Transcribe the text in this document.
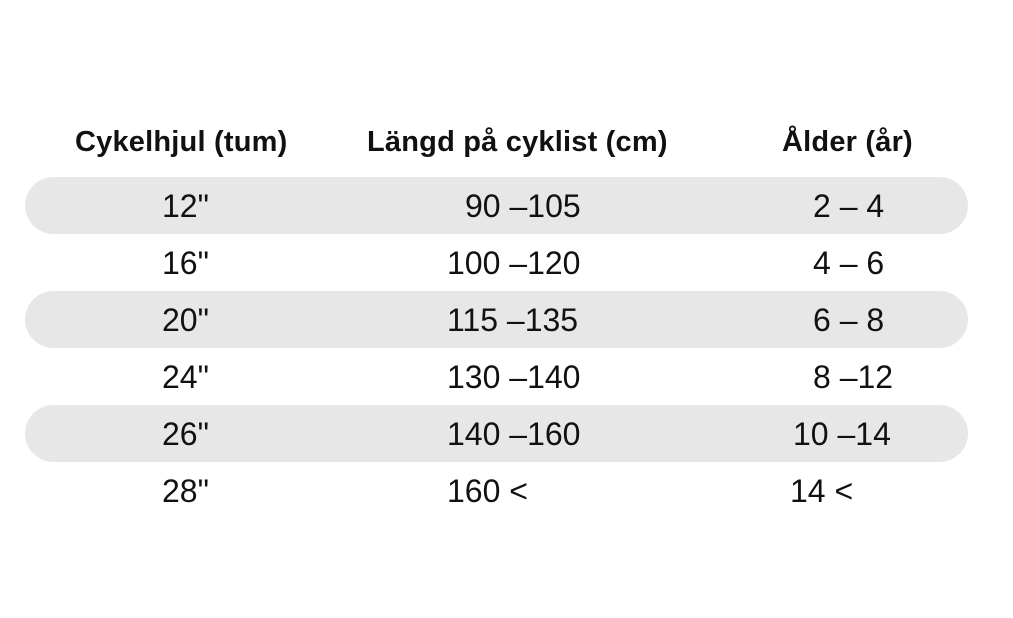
Cykelhjul (tum)	Längd på cyklist (cm)	Ålder (år)
12"	90 –105	2 – 4
16"	100 –120	4 – 6
20"	115 –135	6 – 8
24"	130 –140	8 –12
26"	140 –160	10 –14
28"	160 <	14 <
